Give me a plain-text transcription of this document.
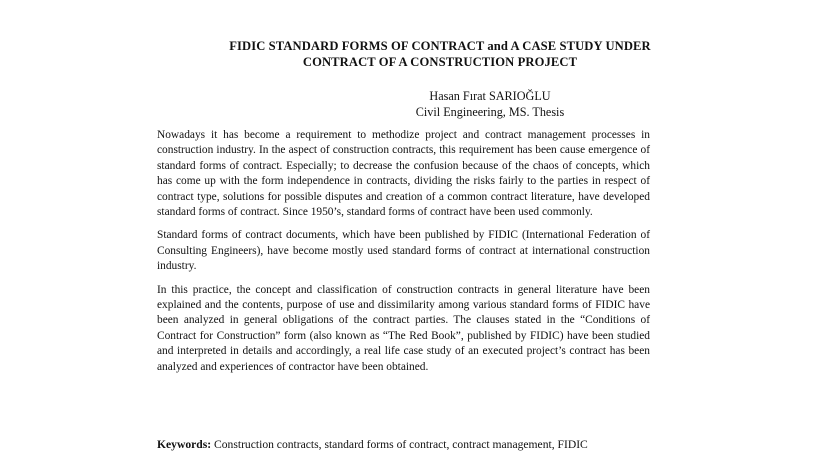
FIDIC STANDARD FORMS OF CONTRACT and A CASE STUDY UNDER
CONTRACT OF A CONSTRUCTION PROJECT
Hasan Fırat SARIOĞLU
Civil Engineering, MS. Thesis

Nowadays it has become a requirement to methodize project and contract management processes in construction industry. In the aspect of construction contracts, this requirement has been cause emergence of standard forms of contract. Especially; to decrease the confusion because of the chaos of concepts, which has come up with the form independence in contracts, dividing the risks fairly to the parties in respect of contract type, solutions for possible disputes and creation of a common contract literature, have developed standard forms of contract. Since 1950’s, standard forms of contract have been used commonly.

Standard forms of contract documents, which have been published by FIDIC (International Federation of Consulting Engineers), have become mostly used standard forms of contract at international construction industry.

In this practice, the concept and classification of construction contracts in general literature have been explained and the contents, purpose of use and dissimilarity among various standard forms of FIDIC have been analyzed in general obligations of the contract parties. The clauses stated in the “Conditions of Contract for Construction” form (also known as “The Red Book”, published by FIDIC) have been studied and interpreted in details and accordingly, a real life case study of an executed project’s contract has been analyzed and experiences of contractor have been obtained.

Keywords: Construction contracts, standard forms of contract, contract management, FIDIC
